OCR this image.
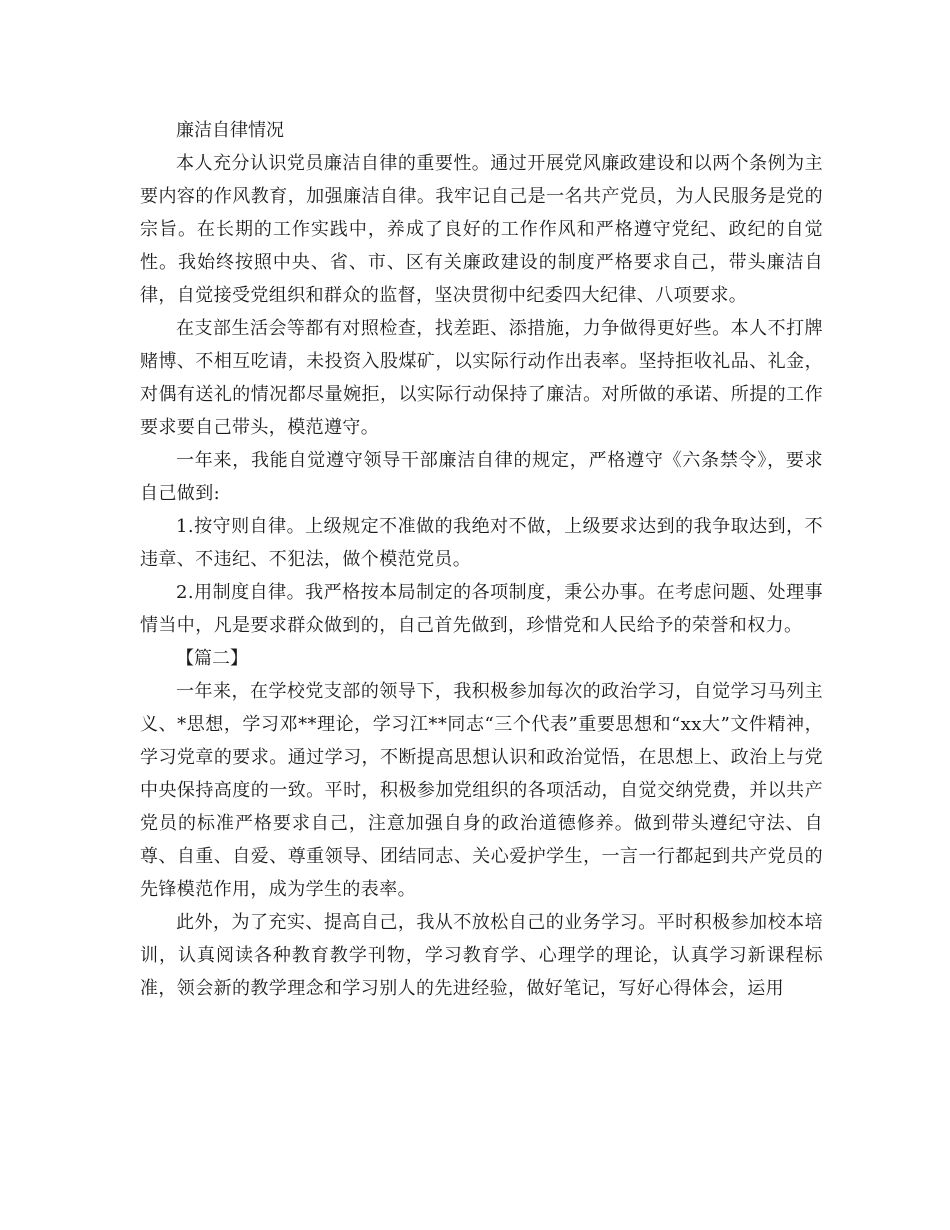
廉洁自律情况

本人充分认识党员廉洁自律的重要性。通过开展党风廉政建设和以两个条例为主要内容的作风教育，加强廉洁自律。我牢记自己是一名共产党员，为人民服务是党的宗旨。在长期的工作实践中，养成了良好的工作作风和严格遵守党纪、政纪的自觉性。我始终按照中央、省、市、区有关廉政建设的制度严格要求自己，带头廉洁自律，自觉接受党组织和群众的监督，坚决贯彻中纪委四大纪律、八项要求。

在支部生活会等都有对照检查，找差距、添措施，力争做得更好些。本人不打牌赌博、不相互吃请，未投资入股煤矿，以实际行动作出表率。坚持拒收礼品、礼金，对偶有送礼的情况都尽量婉拒，以实际行动保持了廉洁。对所做的承诺、所提的工作要求要自己带头，模范遵守。

一年来，我能自觉遵守领导干部廉洁自律的规定，严格遵守《六条禁令》，要求自己做到:

1.按守则自律。上级规定不准做的我绝对不做，上级要求达到的我争取达到，不违章、不违纪、不犯法，做个模范党员。

2.用制度自律。我严格按本局制定的各项制度，秉公办事。在考虑问题、处理事情当中，凡是要求群众做到的，自己首先做到，珍惜党和人民给予的荣誉和权力。

【篇二】

一年来，在学校党支部的领导下，我积极参加每次的政治学习，自觉学习马列主义、*思想，学习邓**理论，学习江**同志“三个代表”重要思想和“xx大”文件精神，学习党章的要求。通过学习，不断提高思想认识和政治觉悟，在思想上、政治上与党中央保持高度的一致。平时，积极参加党组织的各项活动，自觉交纳党费，并以共产党员的标准严格要求自己，注意加强自身的政治道德修养。做到带头遵纪守法、自尊、自重、自爱、尊重领导、团结同志、关心爱护学生，一言一行都起到共产党员的先锋模范作用，成为学生的表率。

此外，为了充实、提高自己，我从不放松自己的业务学习。平时积极参加校本培训，认真阅读各种教育教学刊物，学习教育学、心理学的理论，认真学习新课程标准，领会新的教学理念和学习别人的先进经验，做好笔记，写好心得体会，运用
